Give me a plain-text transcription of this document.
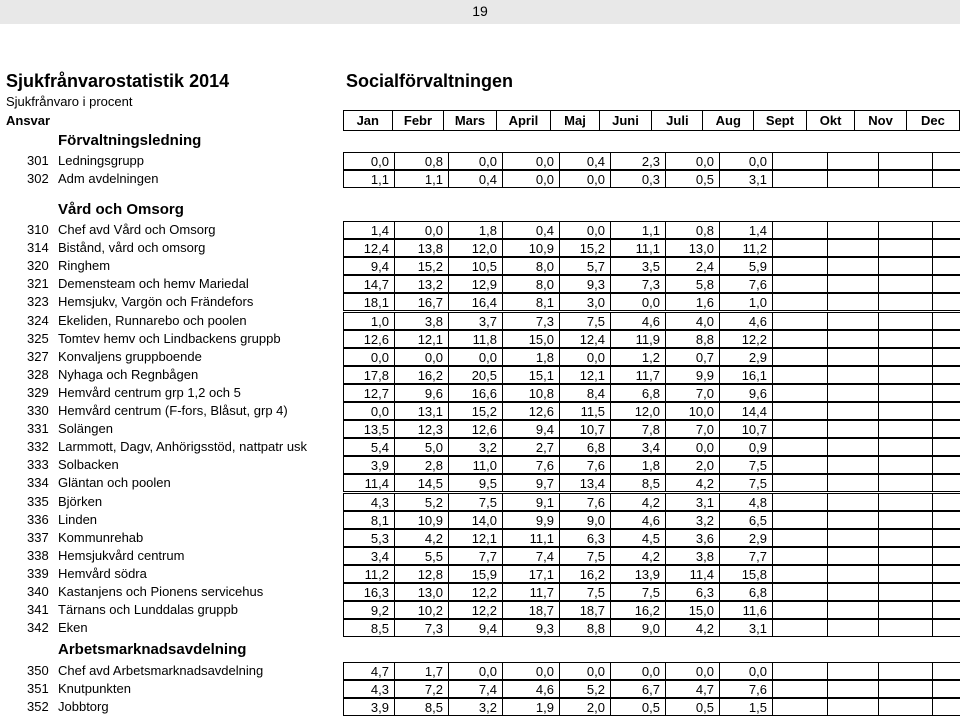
19
Sjukfrånvarostatistik 2014	Socialförvaltningen
Sjukfrånvaro i procent
Ansvar	Jan	Febr	Mars	April	Maj	Juni	Juli	Aug	Sept	Okt	Nov	Dec
Förvaltningsledning
301 Ledningsgrupp	0,0	0,8	0,0	0,0	0,4	2,3	0,0	0,0
302 Adm avdelningen	1,1	1,1	0,4	0,0	0,0	0,3	0,5	3,1
Vård och Omsorg
310 Chef avd Vård och Omsorg	1,4	0,0	1,8	0,4	0,0	1,1	0,8	1,4
314 Bistånd, vård och omsorg	12,4	13,8	12,0	10,9	15,2	11,1	13,0	11,2
320 Ringhem	9,4	15,2	10,5	8,0	5,7	3,5	2,4	5,9
321 Demensteam och hemv Mariedal	14,7	13,2	12,9	8,0	9,3	7,3	5,8	7,6
323 Hemsjukv, Vargön och Frändefors	18,1	16,7	16,4	8,1	3,0	0,0	1,6	1,0
324 Ekeliden, Runnarebo och poolen	1,0	3,8	3,7	7,3	7,5	4,6	4,0	4,6
325 Tomtev hemv och Lindbackens gruppb	12,6	12,1	11,8	15,0	12,4	11,9	8,8	12,2
327 Konvaljens gruppboende	0,0	0,0	0,0	1,8	0,0	1,2	0,7	2,9
328 Nyhaga och Regnbågen	17,8	16,2	20,5	15,1	12,1	11,7	9,9	16,1
329 Hemvård centrum grp 1,2 och 5	12,7	9,6	16,6	10,8	8,4	6,8	7,0	9,6
330 Hemvård centrum (F-fors, Blåsut, grp 4)	0,0	13,1	15,2	12,6	11,5	12,0	10,0	14,4
331 Solängen	13,5	12,3	12,6	9,4	10,7	7,8	7,0	10,7
332 Larmmott, Dagv, Anhörigsstöd, nattpatr usk	5,4	5,0	3,2	2,7	6,8	3,4	0,0	0,9
333 Solbacken	3,9	2,8	11,0	7,6	7,6	1,8	2,0	7,5
334 Gläntan och poolen	11,4	14,5	9,5	9,7	13,4	8,5	4,2	7,5
335 Björken	4,3	5,2	7,5	9,1	7,6	4,2	3,1	4,8
336 Linden	8,1	10,9	14,0	9,9	9,0	4,6	3,2	6,5
337 Kommunrehab	5,3	4,2	12,1	11,1	6,3	4,5	3,6	2,9
338 Hemsjukvård centrum	3,4	5,5	7,7	7,4	7,5	4,2	3,8	7,7
339 Hemvård södra	11,2	12,8	15,9	17,1	16,2	13,9	11,4	15,8
340 Kastanjens och Pionens servicehus	16,3	13,0	12,2	11,7	7,5	7,5	6,3	6,8
341 Tärnans och Lunddalas gruppb	9,2	10,2	12,2	18,7	18,7	16,2	15,0	11,6
342 Eken	8,5	7,3	9,4	9,3	8,8	9,0	4,2	3,1
Arbetsmarknadsavdelning
350 Chef avd Arbetsmarknadsavdelning	4,7	1,7	0,0	0,0	0,0	0,0	0,0	0,0
351 Knutpunkten	4,3	7,2	7,4	4,6	5,2	6,7	4,7	7,6
352 Jobbtorg	3,9	8,5	3,2	1,9	2,0	0,5	0,5	1,5
